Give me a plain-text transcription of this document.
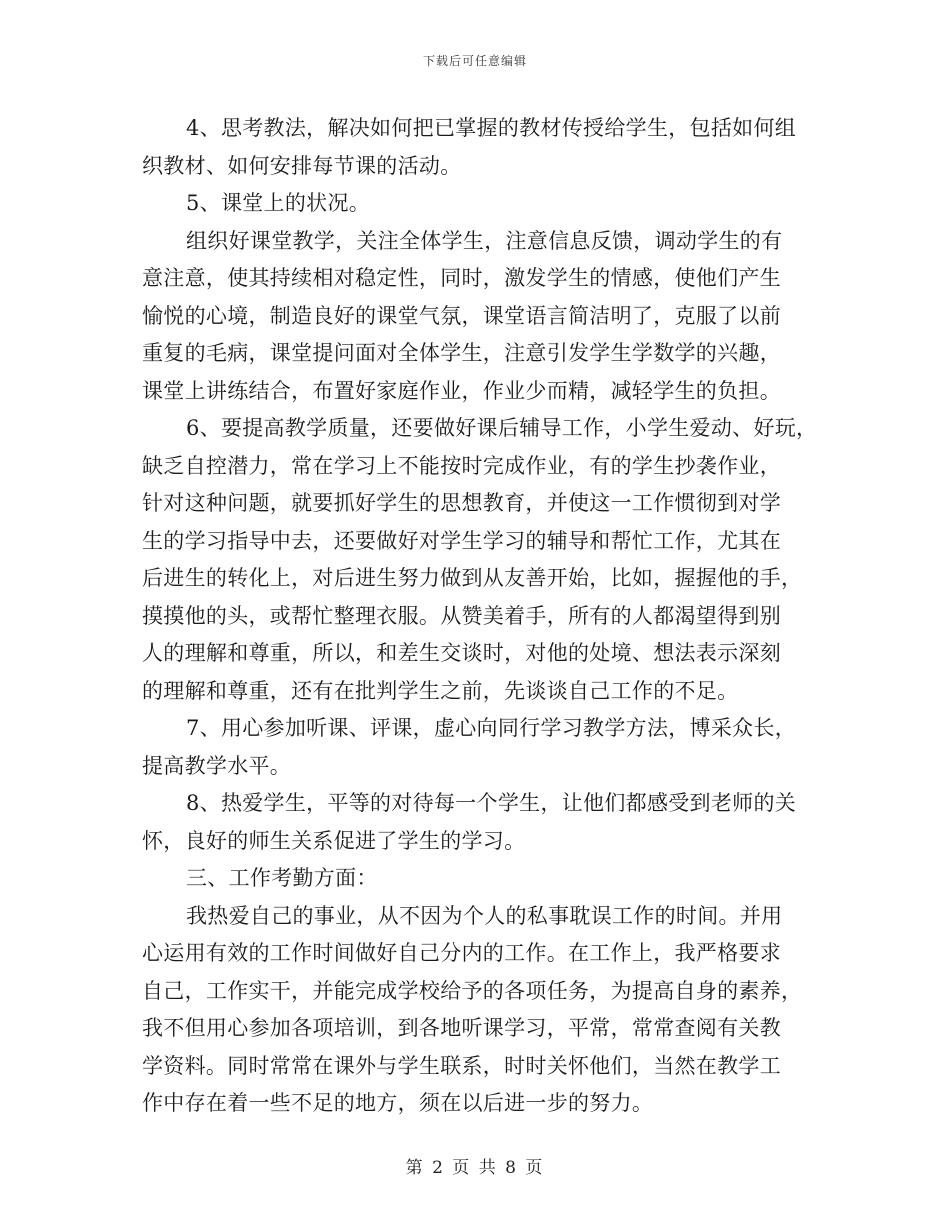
下载后可任意编辑
4、思考教法，解决如何把已掌握的教材传授给学生，包括如何组
织教材、如何安排每节课的活动。
5、课堂上的状况。
组织好课堂教学，关注全体学生，注意信息反馈，调动学生的有
意注意，使其持续相对稳定性，同时，激发学生的情感，使他们产生
愉悦的心境，制造良好的课堂气氛，课堂语言简洁明了，克服了以前
重复的毛病，课堂提问面对全体学生，注意引发学生学数学的兴趣，
课堂上讲练结合，布置好家庭作业，作业少而精，减轻学生的负担。
6、要提高教学质量，还要做好课后辅导工作，小学生爱动、好玩，
缺乏自控潜力，常在学习上不能按时完成作业，有的学生抄袭作业，
针对这种问题，就要抓好学生的思想教育，并使这一工作惯彻到对学
生的学习指导中去，还要做好对学生学习的辅导和帮忙工作，尤其在
后进生的转化上，对后进生努力做到从友善开始，比如，握握他的手，
摸摸他的头，或帮忙整理衣服。从赞美着手，所有的人都渴望得到别
人的理解和尊重，所以，和差生交谈时，对他的处境、想法表示深刻
的理解和尊重，还有在批判学生之前，先谈谈自己工作的不足。
7、用心参加听课、评课，虚心向同行学习教学方法，博采众长，
提高教学水平。
8、热爱学生，平等的对待每一个学生，让他们都感受到老师的关
怀，良好的师生关系促进了学生的学习。
三、工作考勤方面：
我热爱自己的事业，从不因为个人的私事耽误工作的时间。并用
心运用有效的工作时间做好自己分内的工作。在工作上，我严格要求
自己，工作实干，并能完成学校给予的各项任务，为提高自身的素养，
我不但用心参加各项培训，到各地听课学习，平常，常常查阅有关教
学资料。同时常常在课外与学生联系，时时关怀他们，当然在教学工
作中存在着一些不足的地方，须在以后进一步的努力。
第 2 页 共 8 页
